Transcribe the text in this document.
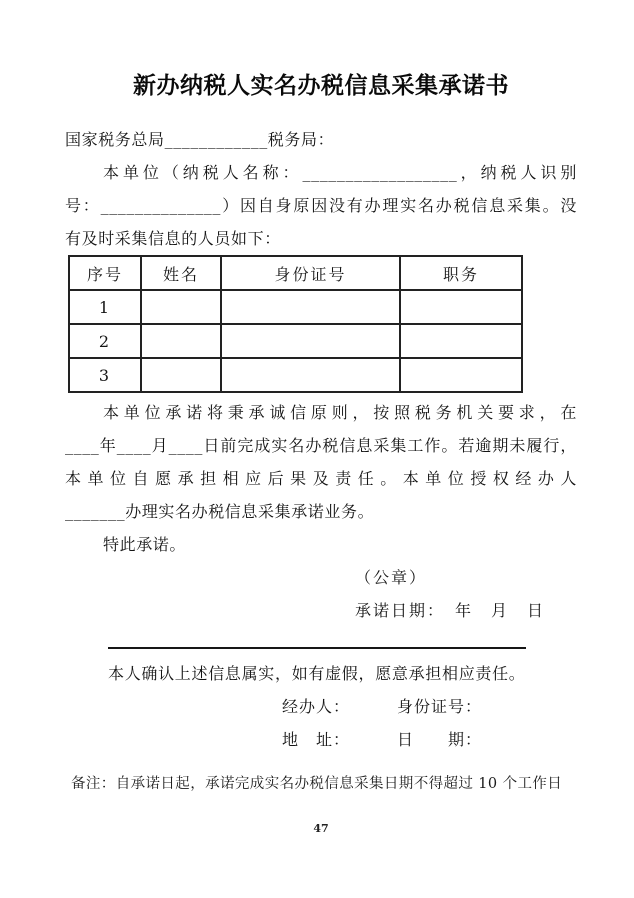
新办纳税人实名办税信息采集承诺书
国家税务总局____________税务局：
本单位（纳税人名称：__________________，纳税人识别
号：______________）因自身原因没有办理实名办税信息采集。没
有及时采集信息的人员如下：
序号	姓名	身份证号	职务
1			
2			
3			
本单位承诺将秉承诚信原则，按照税务机关要求，在
____年____月____日前完成实名办税信息采集工作。若逾期未履行，
本单位自愿承担相应后果及责任。本单位授权经办人
_______办理实名办税信息采集承诺业务。
特此承诺。
（公章）
承诺日期：　年　月　日
本人确认上述信息属实，如有虚假，愿意承担相应责任。
经办人：	身份证号：
地　址：	日　　期：
备注：自承诺日起，承诺完成实名办税信息采集日期不得超过 10 个工作日
47
